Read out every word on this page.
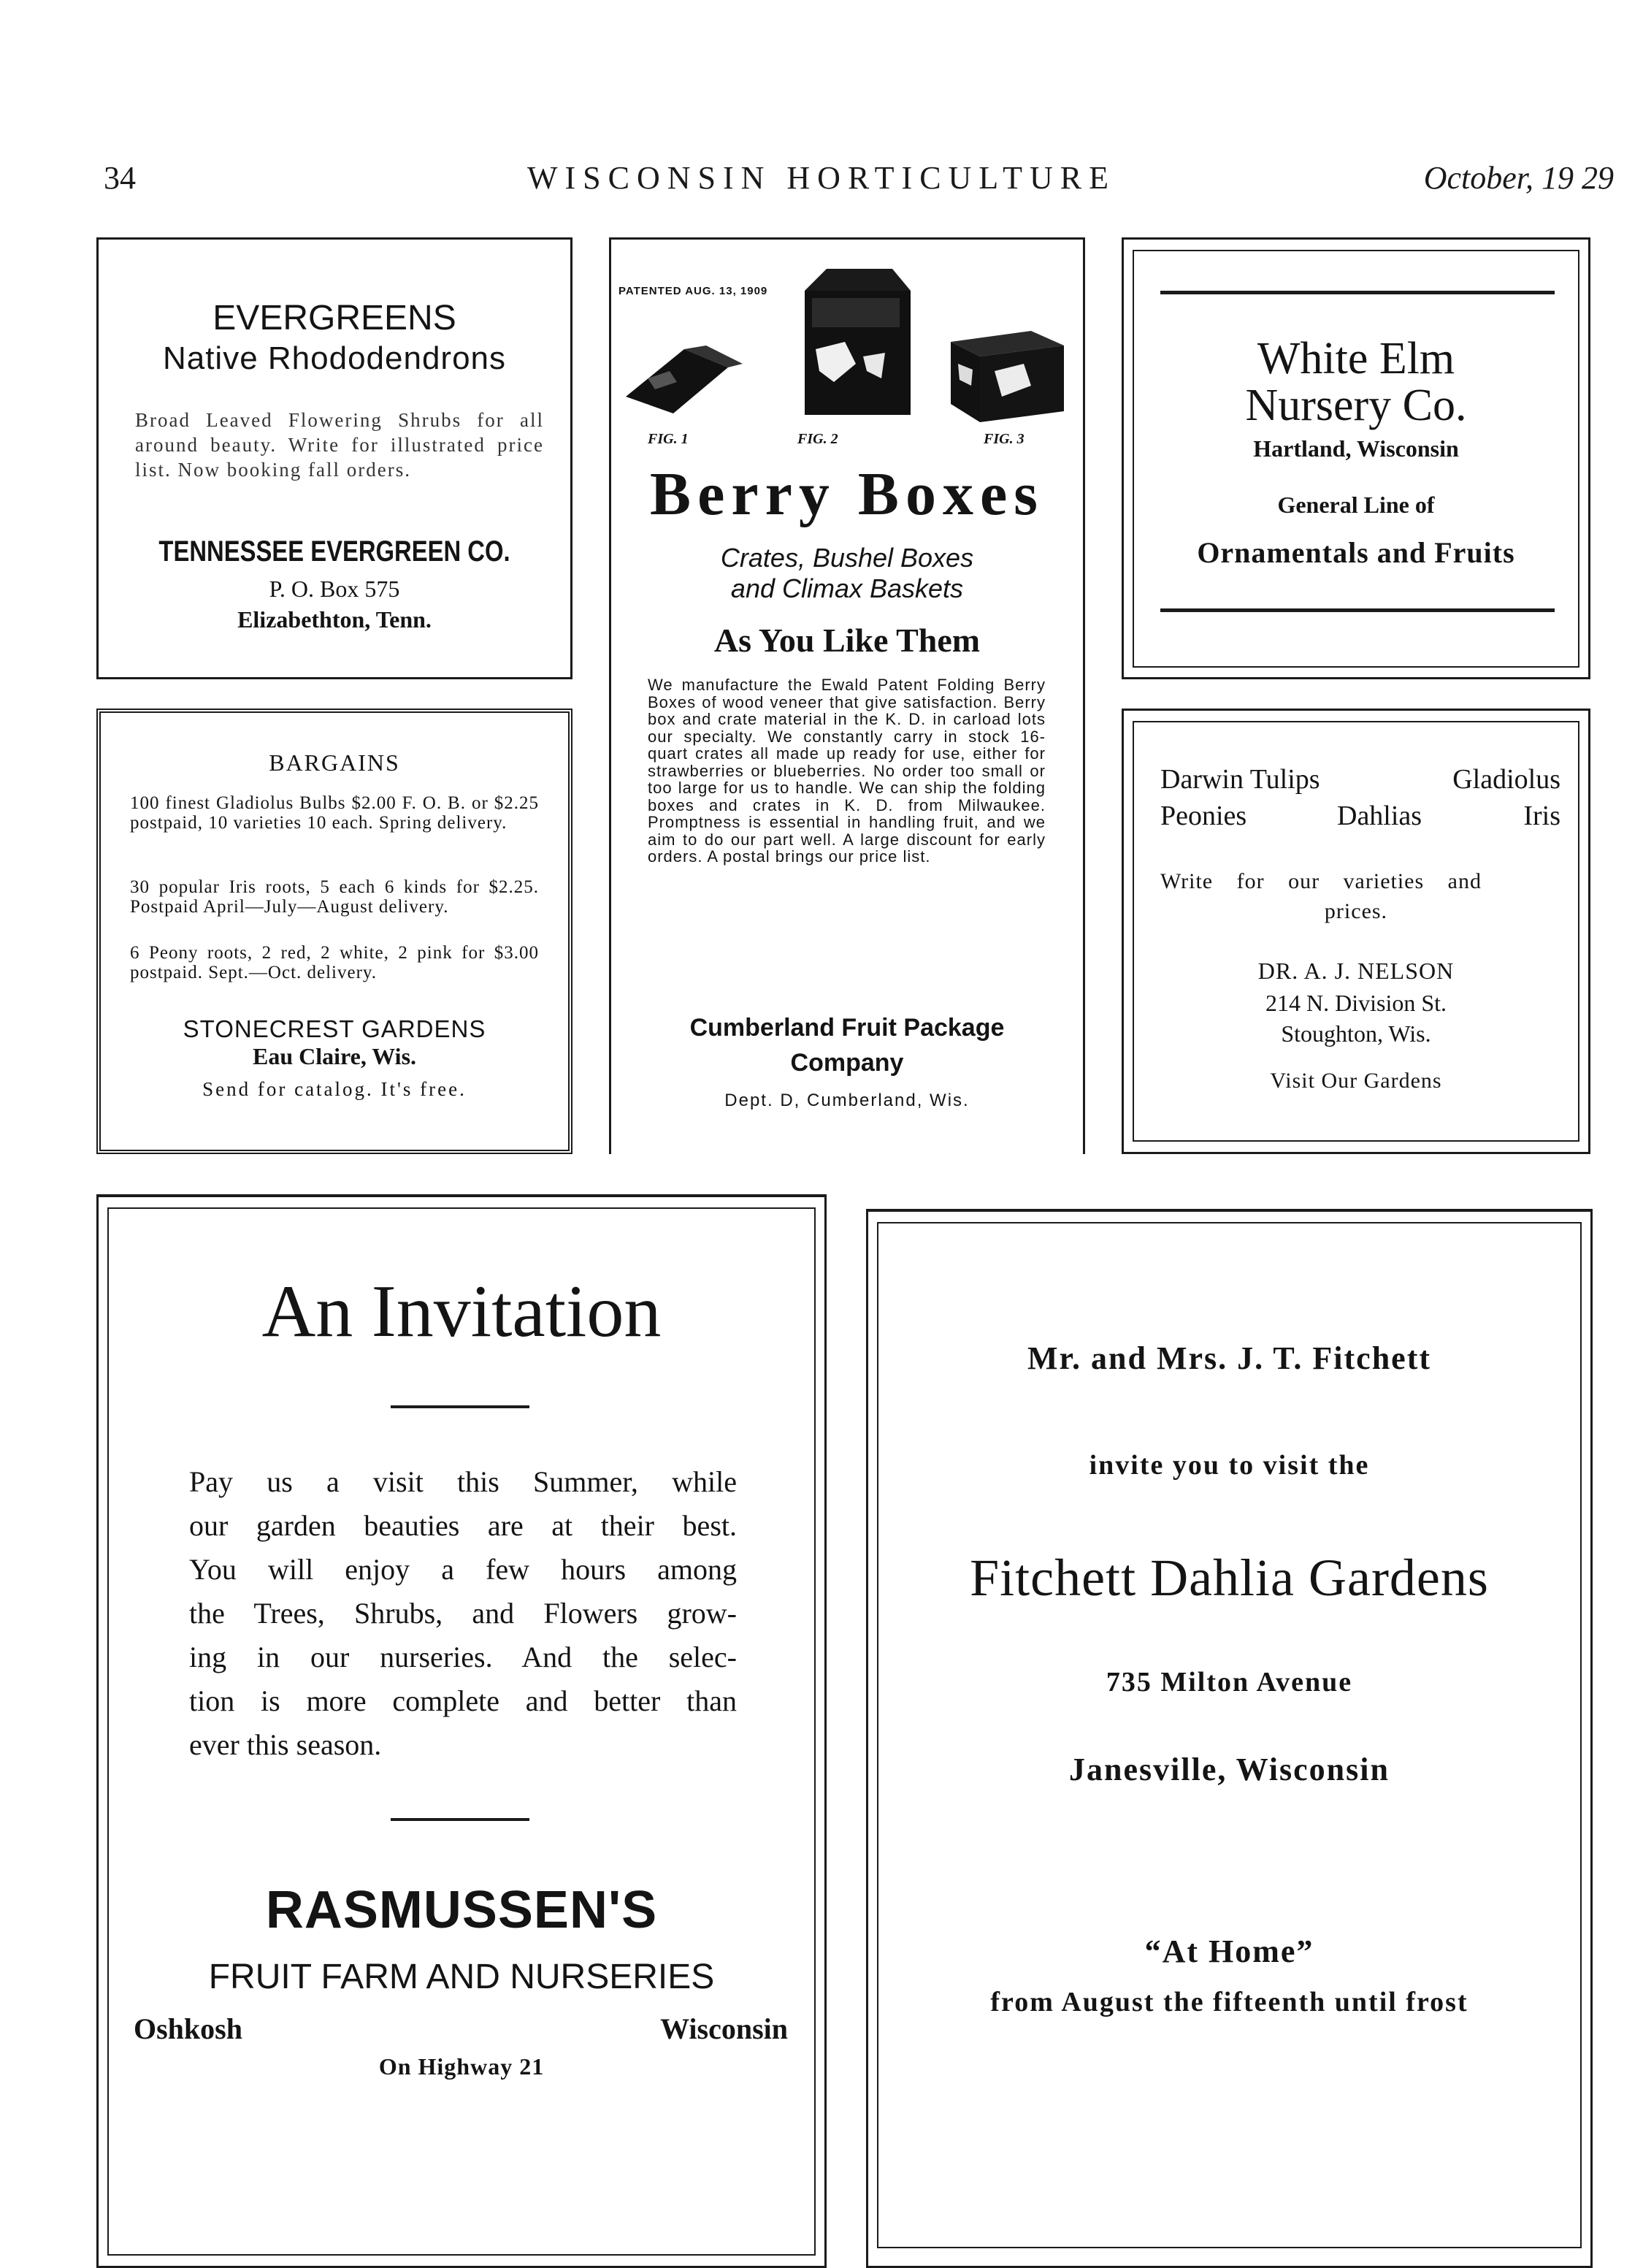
34	WISCONSIN HORTICULTURE	October, 19 29
EVERGREENS
Native Rhododendrons
Broad Leaved Flowering Shrubs for all around beauty. Write for illustrated price list. Now booking fall orders.
TENNESSEE EVERGREEN CO.
P. O. Box 575
Elizabethton, Tenn.
BARGAINS
100 finest Gladiolus Bulbs $2.00 F. O. B. or $2.25 postpaid, 10 varieties 10 each. Spring delivery.
30 popular Iris roots, 5 each 6 kinds for $2.25. Postpaid April—July—August delivery.
6 Peony roots, 2 red, 2 white, 2 pink for $3.00 postpaid. Sept.—Oct. delivery.
STONECREST GARDENS
Eau Claire, Wis.
Send for catalog. It's free.
PATENTED AUG. 13, 1909
FIG. 1	FIG. 2	FIG. 3
Berry Boxes
Crates, Bushel Boxes
and Climax Baskets
As You Like Them
We manufacture the Ewald Patent Folding Berry Boxes of wood veneer that give satisfaction. Berry box and crate material in the K. D. in carload lots our specialty. We constantly carry in stock 16-quart crates all made up ready for use, either for strawberries or blueberries. No order too small or too large for us to handle. We can ship the folding boxes and crates in K. D. from Milwaukee. Promptness is essential in handling fruit, and we aim to do our part well. A large discount for early orders. A postal brings our price list.
Cumberland Fruit Package
Company
Dept. D, Cumberland, Wis.
White Elm
Nursery Co.
Hartland, Wisconsin
General Line of
Ornamentals and Fruits
Darwin Tulips	Gladiolus
Peonies	Dahlias	Iris
Write for our varieties and
prices.
DR. A. J. NELSON
214 N. Division St.
Stoughton, Wis.
Visit Our Gardens
An Invitation
Pay us a visit this Summer, while
our garden beauties are at their best.
You will enjoy a few hours among
the Trees, Shrubs, and Flowers grow-
ing in our nurseries. And the selec-
tion is more complete and better than
ever this season.
RASMUSSEN'S
FRUIT FARM AND NURSERIES
Oshkosh	Wisconsin
On Highway 21
Mr. and Mrs. J. T. Fitchett
invite you to visit the
Fitchett Dahlia Gardens
735 Milton Avenue
Janesville, Wisconsin
“At Home”
from August the fifteenth until frost
